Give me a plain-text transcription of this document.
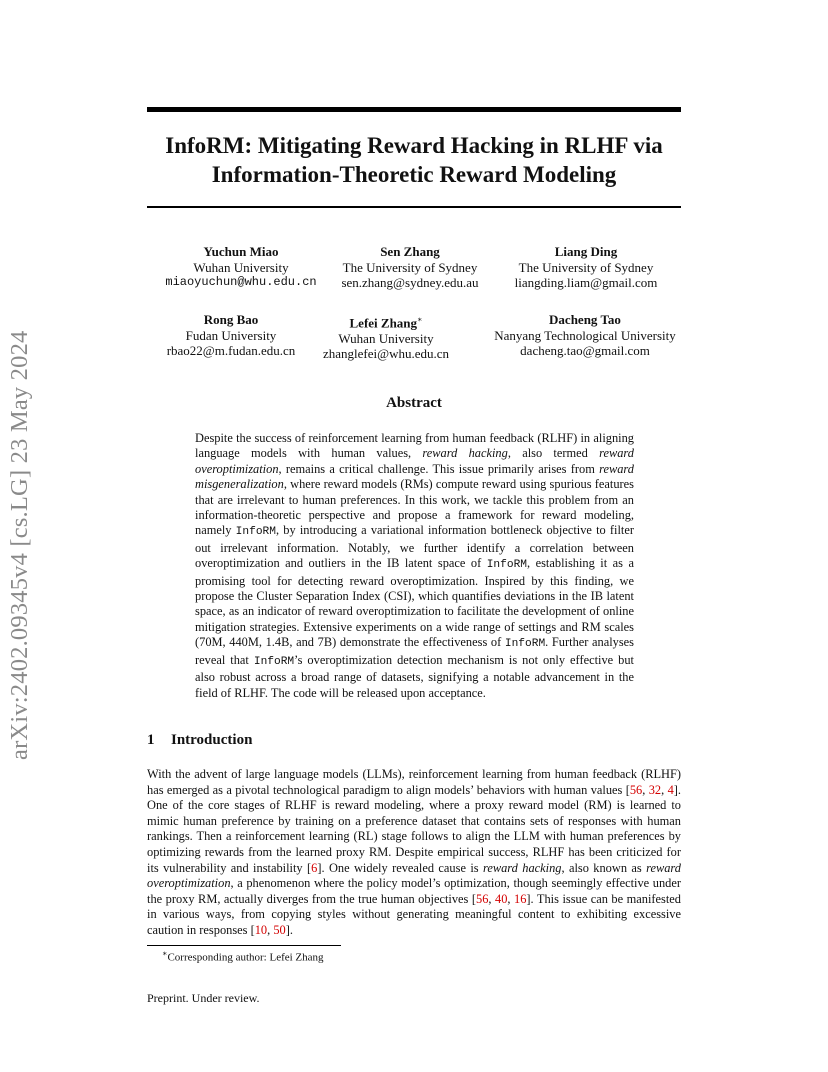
arXiv:2402.09345v4 [cs.LG] 23 May 2024
InfoRM: Mitigating Reward Hacking in RLHF via Information-Theoretic Reward Modeling
Yuchun Miao
Wuhan University
miaoyuchun@whu.edu.cn
Sen Zhang
The University of Sydney
sen.zhang@sydney.edu.au
Liang Ding
The University of Sydney
liangding.liam@gmail.com
Rong Bao
Fudan University
rbao22@m.fudan.edu.cn
Lefei Zhang∗
Wuhan University
zhanglefei@whu.edu.cn
Dacheng Tao
Nanyang Technological University
dacheng.tao@gmail.com
Abstract
Despite the success of reinforcement learning from human feedback (RLHF) in aligning language models with human values, reward hacking, also termed reward overoptimization, remains a critical challenge. This issue primarily arises from reward misgeneralization, where reward models (RMs) compute reward using spurious features that are irrelevant to human preferences. In this work, we tackle this problem from an information-theoretic perspective and propose a framework for reward modeling, namely InfoRM, by introducing a variational information bottleneck objective to filter out irrelevant information. Notably, we further identify a correlation between overoptimization and outliers in the IB latent space of InfoRM, establishing it as a promising tool for detecting reward overoptimization. Inspired by this finding, we propose the Cluster Separation Index (CSI), which quantifies deviations in the IB latent space, as an indicator of reward overoptimization to facilitate the development of online mitigation strategies. Extensive experiments on a wide range of settings and RM scales (70M, 440M, 1.4B, and 7B) demonstrate the effectiveness of InfoRM. Further analyses reveal that InfoRM’s overoptimization detection mechanism is not only effective but also robust across a broad range of datasets, signifying a notable advancement in the field of RLHF. The code will be released upon acceptance.
1 Introduction
With the advent of large language models (LLMs), reinforcement learning from human feedback (RLHF) has emerged as a pivotal technological paradigm to align models’ behaviors with human values [56, 32, 4]. One of the core stages of RLHF is reward modeling, where a proxy reward model (RM) is learned to mimic human preference by training on a preference dataset that contains sets of responses with human rankings. Then a reinforcement learning (RL) stage follows to align the LLM with human preferences by optimizing rewards from the learned proxy RM. Despite empirical success, RLHF has been criticized for its vulnerability and instability [6]. One widely revealed cause is reward hacking, also known as reward overoptimization, a phenomenon where the policy model’s optimization, though seemingly effective under the proxy RM, actually diverges from the true human objectives [56, 40, 16]. This issue can be manifested in various ways, from copying styles without generating meaningful content to exhibiting excessive caution in responses [10, 50].
∗Corresponding author: Lefei Zhang
Preprint. Under review.
